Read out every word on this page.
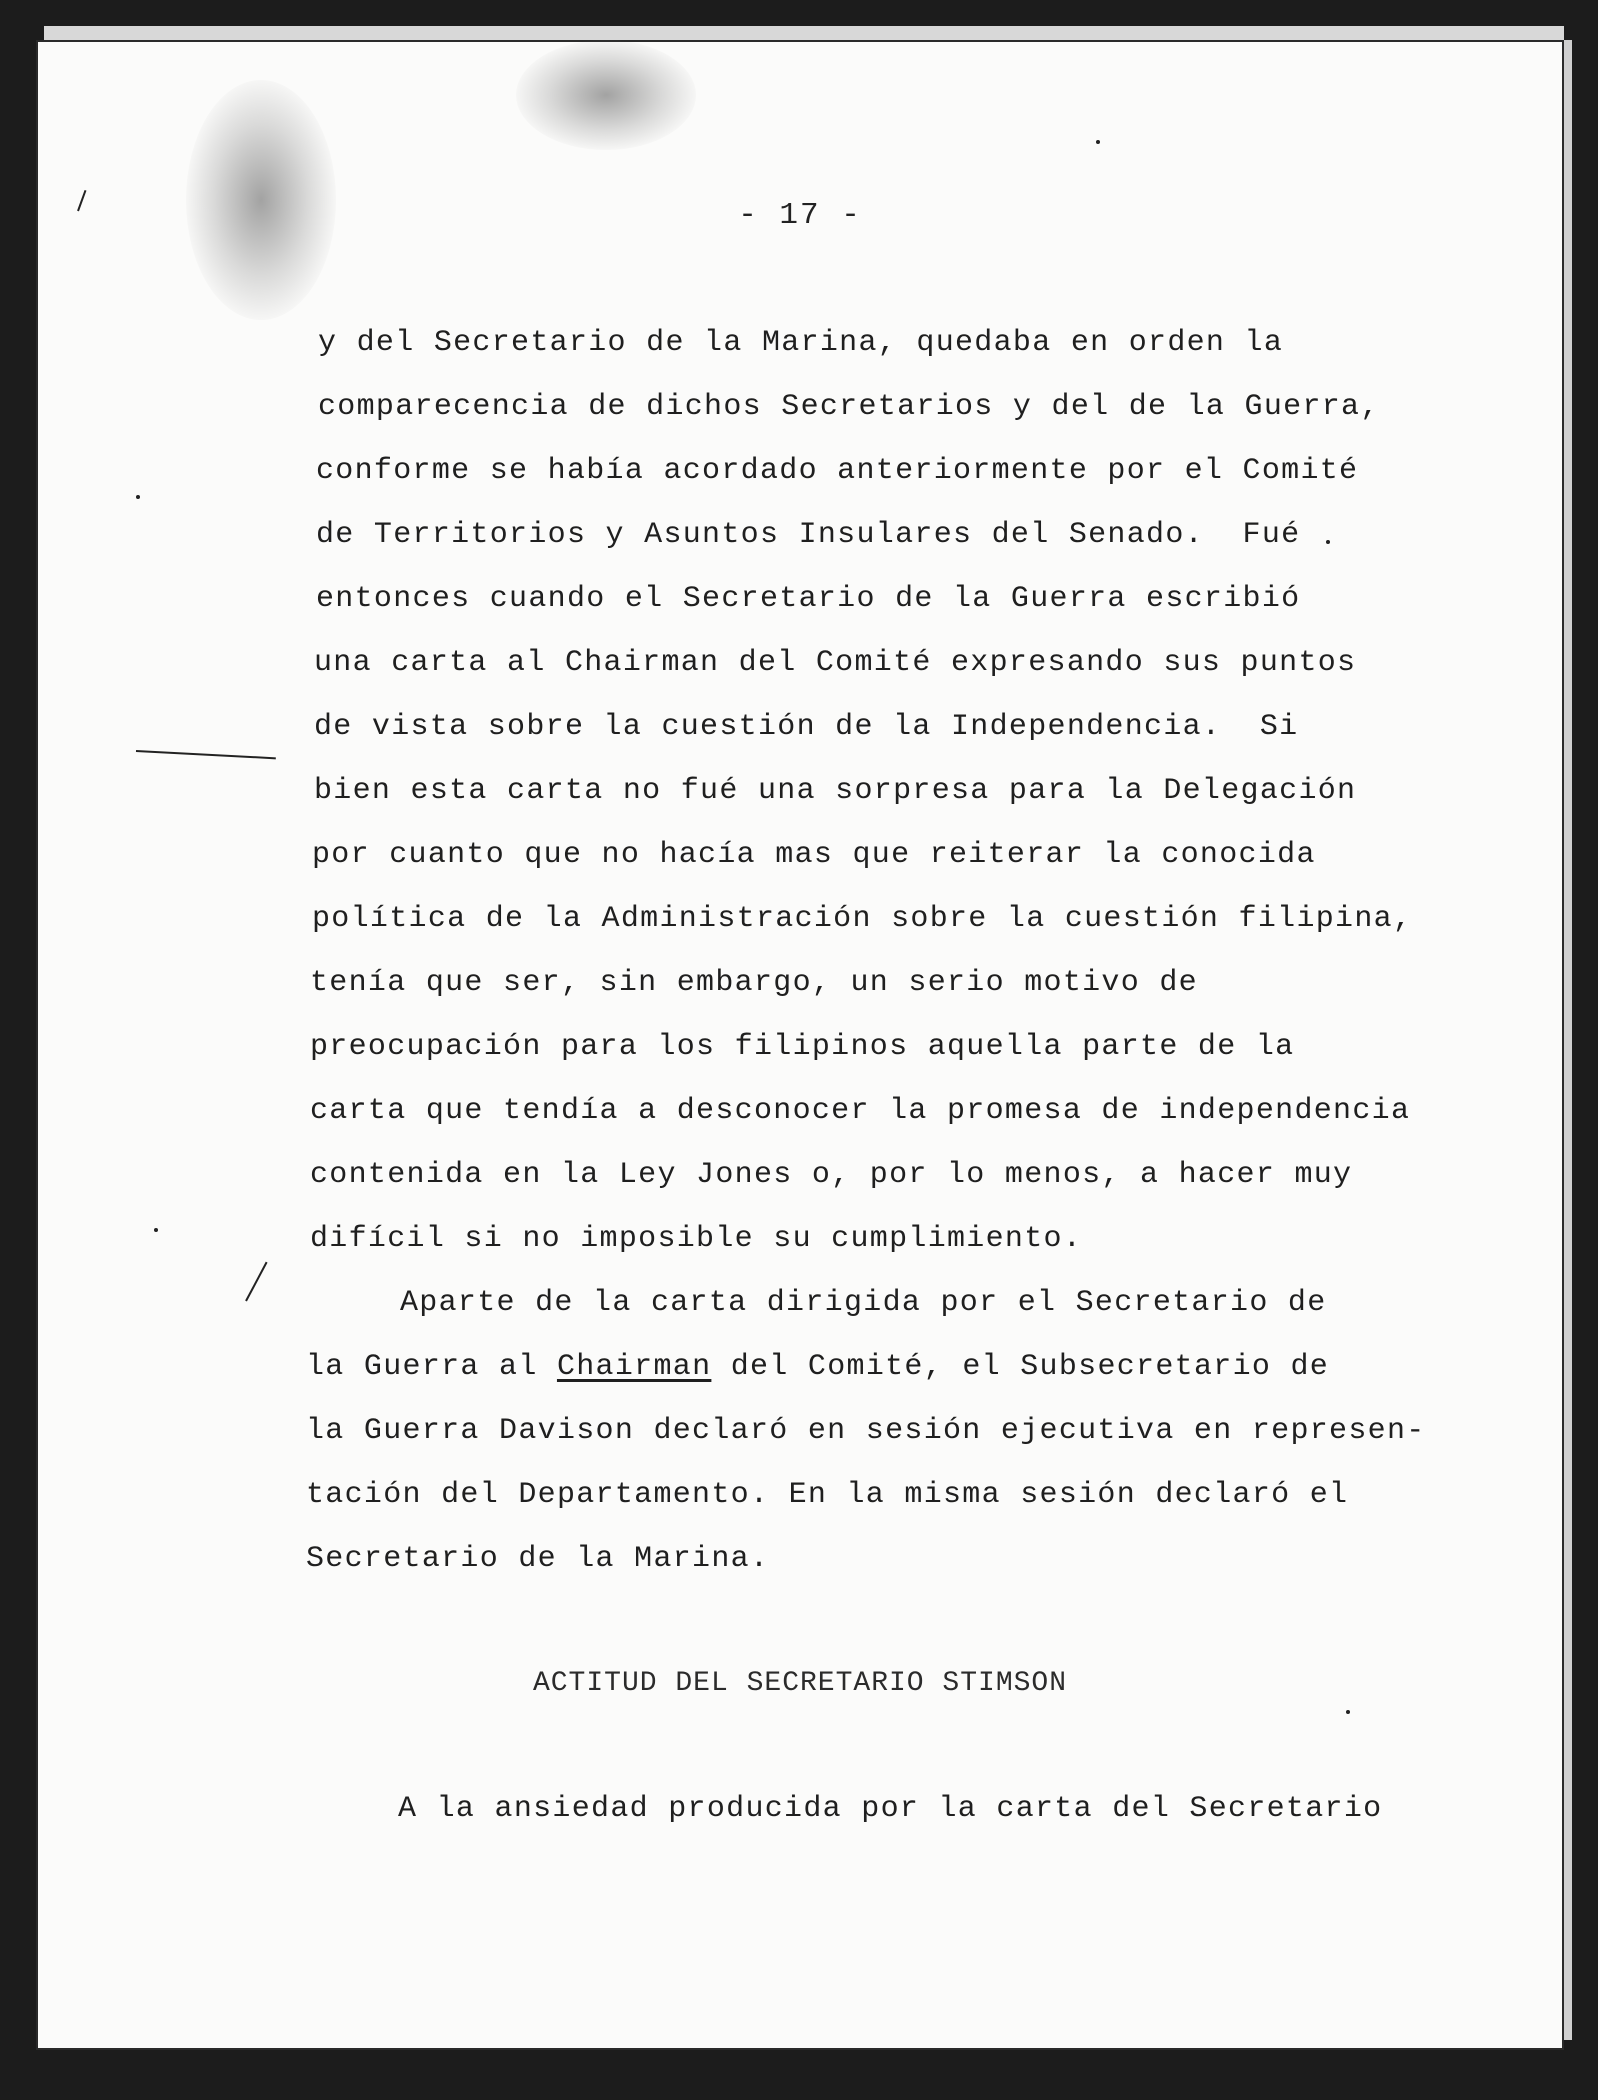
- 17 -
y del Secretario de la Marina, quedaba en orden la
comparecencia de dichos Secretarios y del de la Guerra,
conforme se había acordado anteriormente por el Comité
de Territorios y Asuntos Insulares del Senado.  Fué
entonces cuando el Secretario de la Guerra escribió
una carta al Chairman del Comité expresando sus puntos
de vista sobre la cuestión de la Independencia.  Si
bien esta carta no fué una sorpresa para la Delegación
por cuanto que no hacía mas que reiterar la conocida
política de la Administración sobre la cuestión filipina,
tenía que ser, sin embargo, un serio motivo de
preocupación para los filipinos aquella parte de la
carta que tendía a desconocer la promesa de independencia
contenida en la Ley Jones o, por lo menos, a hacer muy
difícil si no imposible su cumplimiento.
Aparte de la carta dirigida por el Secretario de
la Guerra al Chairman del Comité, el Subsecretario de
la Guerra Davison declaró en sesión ejecutiva en represen-
tación del Departamento. En la misma sesión declaró el
Secretario de la Marina.
ACTITUD DEL SECRETARIO STIMSON
A la ansiedad producida por la carta del Secretario
